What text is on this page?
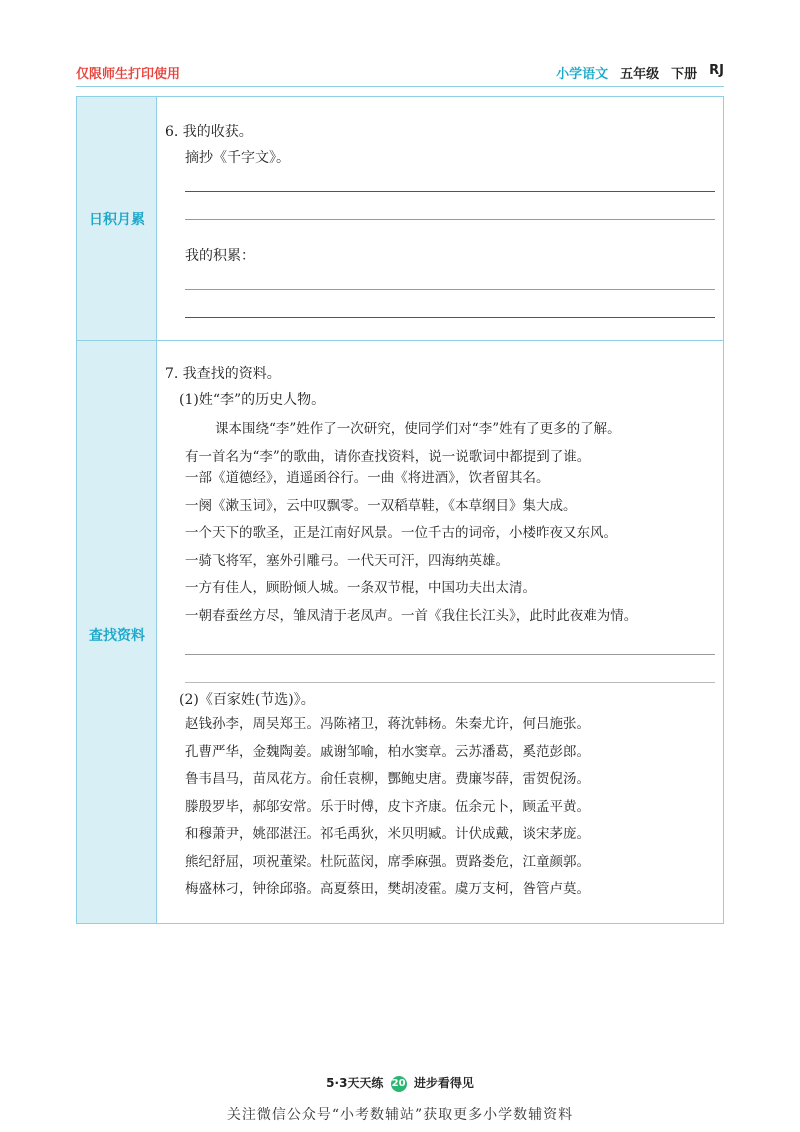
仅限师生打印使用	小学语文 五年级 下册 RJ
日积月累
查找资料
6. 我的收获。
摘抄《千字文》。
我的积累：
7. 我查找的资料。
(1)姓“李”的历史人物。
课本围绕“李”姓作了一次研究，使同学们对“李”姓有了更多的了解。
有一首名为“李”的歌曲，请你查找资料，说一说歌词中都提到了谁。
一部《道德经》，逍遥函谷行。一曲《将进酒》，饮者留其名。
一阕《漱玉词》，云中叹飘零。一双稻草鞋，《本草纲目》集大成。
一个天下的歌圣，正是江南好风景。一位千古的词帝，小楼昨夜又东风。
一骑飞将军，塞外引雕弓。一代天可汗，四海纳英雄。
一方有佳人，顾盼倾人城。一条双节棍，中国功夫出太清。
一朝春蚕丝方尽，雏凤清于老凤声。一首《我住长江头》，此时此夜难为情。
(2)《百家姓(节选)》。
赵钱孙李，周吴郑王。冯陈褚卫，蒋沈韩杨。朱秦尤许，何吕施张。
孔曹严华，金魏陶姜。戚谢邹喻，柏水窦章。云苏潘葛，奚范彭郎。
鲁韦昌马，苗凤花方。俞任袁柳，酆鲍史唐。费廉岑薛，雷贺倪汤。
滕殷罗毕，郝邬安常。乐于时傅，皮卞齐康。伍余元卜，顾孟平黄。
和穆萧尹，姚邵湛汪。祁毛禹狄，米贝明臧。计伏成戴，谈宋茅庞。
熊纪舒屈，项祝董梁。杜阮蓝闵，席季麻强。贾路娄危，江童颜郭。
梅盛林刁，钟徐邱骆。高夏蔡田，樊胡凌霍。虞万支柯，昝管卢莫。
5·3天天练 20 进步看得见
关注微信公众号“小考数辅站”获取更多小学数辅资料
